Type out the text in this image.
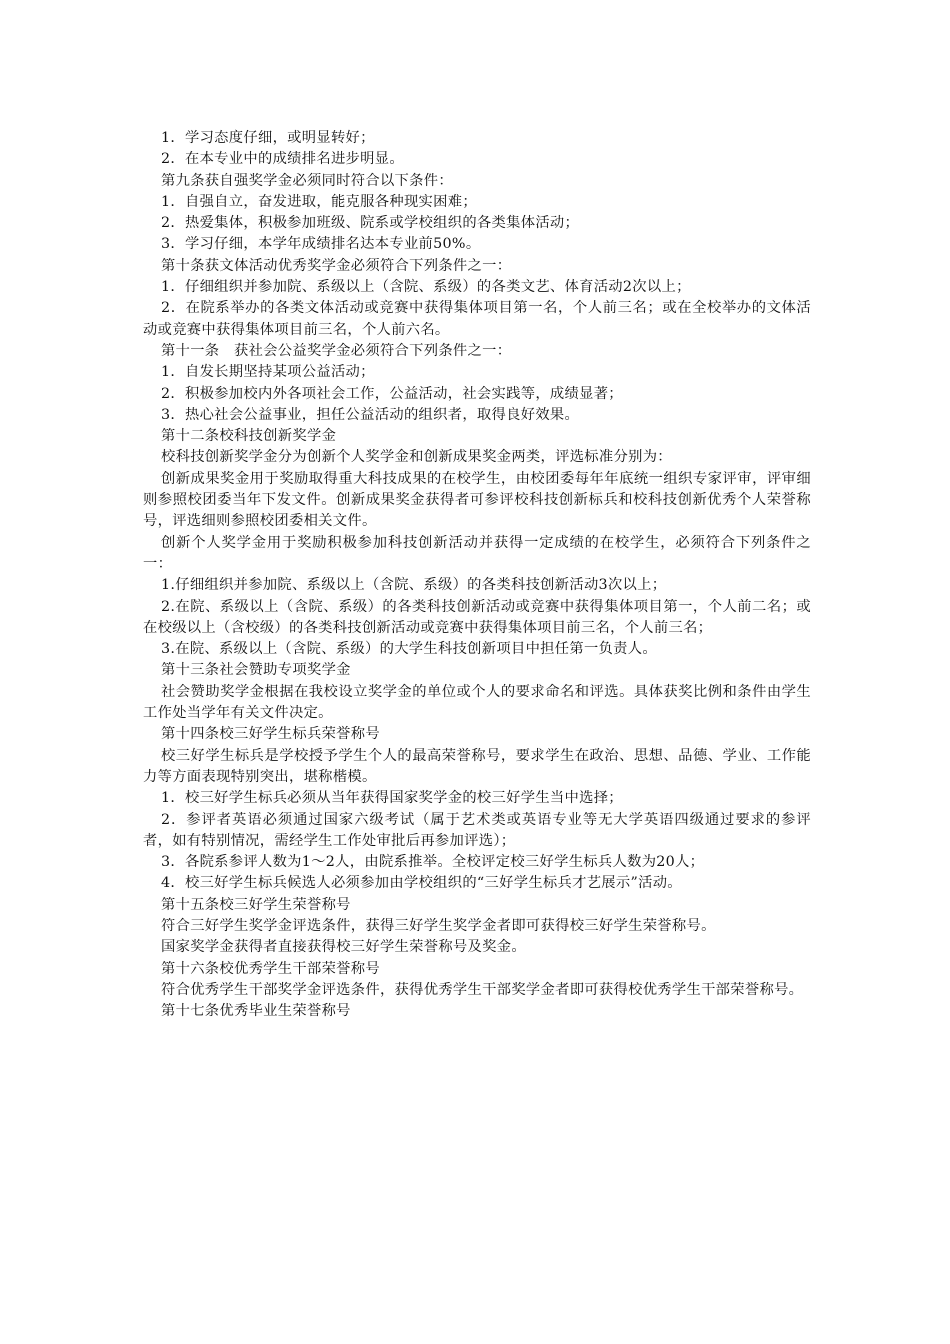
1．学习态度仔细，或明显转好；

2．在本专业中的成绩排名进步明显。

第九条获自强奖学金必须同时符合以下条件：

1．自强自立，奋发进取，能克服各种现实困难；

2．热爱集体，积极参加班级、院系或学校组织的各类集体活动；

3．学习仔细，本学年成绩排名达本专业前50%。

第十条获文体活动优秀奖学金必须符合下列条件之一：

1．仔细组织并参加院、系级以上（含院、系级）的各类文艺、体育活动2次以上；

2．在院系举办的各类文体活动或竞赛中获得集体项目第一名，个人前三名；或在全校举办的文体活动或竞赛中获得集体项目前三名，个人前六名。

第十一条　获社会公益奖学金必须符合下列条件之一：

1．自发长期坚持某项公益活动；

2．积极参加校内外各项社会工作，公益活动，社会实践等，成绩显著；

3．热心社会公益事业，担任公益活动的组织者，取得良好效果。

第十二条校科技创新奖学金

校科技创新奖学金分为创新个人奖学金和创新成果奖金两类，评选标准分别为：

创新成果奖金用于奖励取得重大科技成果的在校学生，由校团委每年年底统一组织专家评审，评审细则参照校团委当年下发文件。创新成果奖金获得者可参评校科技创新标兵和校科技创新优秀个人荣誉称号，评选细则参照校团委相关文件。

创新个人奖学金用于奖励积极参加科技创新活动并获得一定成绩的在校学生，必须符合下列条件之一：

1.仔细组织并参加院、系级以上（含院、系级）的各类科技创新活动3次以上；

2.在院、系级以上（含院、系级）的各类科技创新活动或竞赛中获得集体项目第一，个人前二名；或在校级以上（含校级）的各类科技创新活动或竞赛中获得集体项目前三名，个人前三名；

3.在院、系级以上（含院、系级）的大学生科技创新项目中担任第一负责人。

第十三条社会赞助专项奖学金

社会赞助奖学金根据在我校设立奖学金的单位或个人的要求命名和评选。具体获奖比例和条件由学生工作处当学年有关文件决定。

第十四条校三好学生标兵荣誉称号

校三好学生标兵是学校授予学生个人的最高荣誉称号，要求学生在政治、思想、品德、学业、工作能力等方面表现特别突出，堪称楷模。

1．校三好学生标兵必须从当年获得国家奖学金的校三好学生当中选择；

2．参评者英语必须通过国家六级考试（属于艺术类或英语专业等无大学英语四级通过要求的参评者，如有特别情况，需经学生工作处审批后再参加评选）；

3．各院系参评人数为1～2人，由院系推举。全校评定校三好学生标兵人数为20人；

4．校三好学生标兵候选人必须参加由学校组织的“三好学生标兵才艺展示”活动。

第十五条校三好学生荣誉称号

符合三好学生奖学金评选条件，获得三好学生奖学金者即可获得校三好学生荣誉称号。

国家奖学金获得者直接获得校三好学生荣誉称号及奖金。

第十六条校优秀学生干部荣誉称号

符合优秀学生干部奖学金评选条件，获得优秀学生干部奖学金者即可获得校优秀学生干部荣誉称号。

第十七条优秀毕业生荣誉称号
